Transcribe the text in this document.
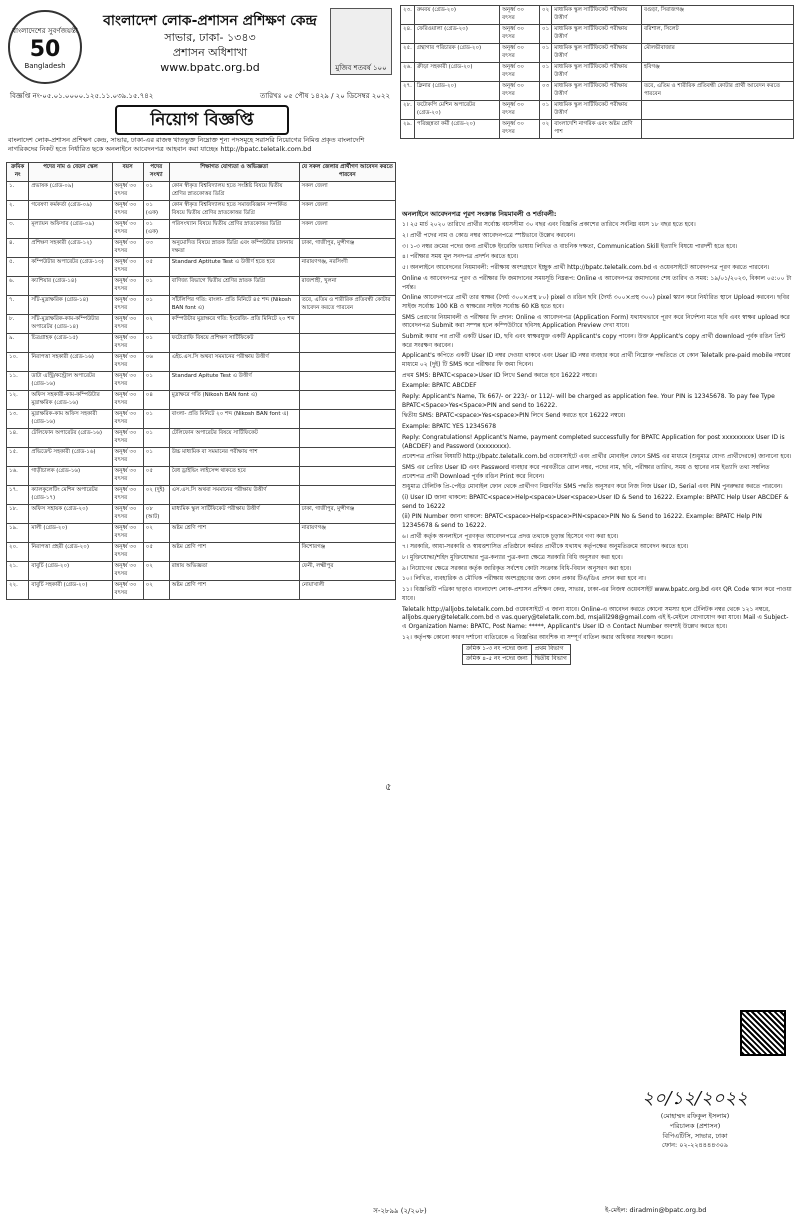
বাংলাদেশের সুবর্ণজয়ন্তী
50
Bangladesh
বাংলাদেশ লোক-প্রশাসন প্রশিক্ষণ কেন্দ্র
সাভার, ঢাকা- ১৩৪৩
প্রশাসন অধিশাখা
www.bpatc.org.bd	মুজিব শতবর্ষ ১০০
বিজ্ঞপ্তি নং-০৫.০১.০০০০.১২৫.১১.০৩৯.১৫.৭৪২	তারিখঃ ০৫ পৌষ ১৪২৯ / ২০ ডিসেম্বর ২০২২
নিয়োগ বিজ্ঞপ্তি
বাংলাদেশ লোক-প্রশাসন প্রশিক্ষণ কেন্দ্র, সাভার, ঢাকা-এর রাজস্ব খাতভুক্ত নিম্নোক্ত শূন্য পদসমূহে সরাসরি নিয়োগের নিমিত্ত প্রকৃত বাংলাদেশি নাগরিকদের নিকট হতে নির্ধারিত ছকে অনলাইনে আবেদনপত্র আহবান করা যাচ্ছেঃ http://bpatc.teletalk.com.bd
ক্রমিক নং	পদের নাম ও বেতন স্কেল	বয়স	পদের সংখ্যা	শিক্ষাগত যোগ্যতা ও অভিজ্ঞতা	যে সকল জেলার প্রার্থীগণ আবেদন করতে পারবেন
১.	প্রভাষক (গ্রেড-০৯)	অনূর্ধ্ব ৩০ বৎসর	০১	কোন স্বীকৃত বিশ্ববিদ্যালয় হতে সংশ্লিষ্ট বিষয়ে দ্বিতীয় শ্রেণির স্নাতকোত্তর ডিগ্রি	সকল জেলা
২.	গবেষণা কর্মকর্তা (গ্রেড-০৯)	অনূর্ধ্ব ৩০ বৎসর	০১ (এক)	কোন স্বীকৃত বিশ্ববিদ্যালয় হতে সমাজবিজ্ঞান সম্পর্কিত বিষয়ে দ্বিতীয় শ্রেণির স্নাতকোত্তর ডিগ্রি	সকল জেলা
৩.	মূল্যায়ন অফিসার (গ্রেড-০৯)	অনূর্ধ্ব ৩০ বৎসর	০১ (এক)	পরিসংখ্যান বিষয়ে দ্বিতীয় শ্রেণির স্নাতকোত্তর ডিগ্রি	সকল জেলা
৪.	প্রশিক্ষণ সহকারী (গ্রেড-১২)	অনূর্ধ্ব ৩০ বৎসর	০৩	অনুমোদিত বিষয়ে স্নাতক ডিগ্রি এবং কম্পিউটার চালনায় দক্ষতা	ঢাকা, গাজীপুর, মুন্সীগঞ্জ
৫.	কম্পিউটার অপারেটর (গ্রেড-১৩)	অনূর্ধ্ব ৩০ বৎসর	০৫	Standard Aptitute Test এ উত্তীর্ণ হতে হবে	নারায়ণগঞ্জ, নরসিংদী
৬.	ক্যাশিয়ার (গ্রেড-১৪)	অনূর্ধ্ব ৩০ বৎসর	০১	বাণিজ্য বিভাগে দ্বিতীয় শ্রেণির স্নাতক ডিগ্রি	রাজশাহী, খুলনা
৭.	সাঁট-মুদ্রাক্ষরিক (গ্রেড-১৪)	অনূর্ধ্ব ৩০ বৎসর	০১	সাঁটলিপির গতি: বাংলা- প্রতি মিনিটে ৪৫ শব্দ (Nikosh BAN font এ)	তবে, এতিম ও শারীরিক প্রতিবন্ধী কোটার আবেদন করতে পারবেন
৮.	সাঁট-মুদ্রাক্ষরিক-কাম-কম্পিউটার অপারেটর (গ্রেড-১৪)	অনূর্ধ্ব ৩০ বৎসর	০২	কম্পিউটার মুদ্রাক্ষরে গতি: ইংরেজি- প্রতি মিনিটে ২০ শব্দ	
৯.	চিত্রগ্রাহক (গ্রেড-১৫)	অনূর্ধ্ব ৩০ বৎসর	০১	ফটোগ্রাফি বিষয়ে প্রশিক্ষণ সার্টিফিকেট	
১০.	নিরাপত্তা সহকারী (গ্রেড-১৬)	অনূর্ধ্ব ৩০ বৎসর	০৬	এইচ.এস.সি অথবা সমমানের পরীক্ষায় উত্তীর্ণ	
১১.	ডাটা এন্ট্রি/কন্ট্রোল অপারেটর (গ্রেড-১৬)	অনূর্ধ্ব ৩০ বৎসর	০১	Standard Apitute Test এ উত্তীর্ণ	
১২.	অফিস সহকারী-কাম-কম্পিউটার মুদ্রাক্ষরিক (গ্রেড-১৬)	অনূর্ধ্ব ৩০ বৎসর	০৪	মুদ্রাক্ষরে গতি (Nikosh BAN font এ)	
১৩.	মুদ্রাক্ষরিক-কাম অফিস সহকারী (গ্রেড-১৬)	অনূর্ধ্ব ৩০ বৎসর	০১	বাংলা- প্রতি মিনিটে ২০ শব্দ (Nikosh BAN font এ)	
১৪.	টেলিফোন অপারেটর (গ্রেড-১৬)	অনূর্ধ্ব ৩০ বৎসর	০১	টেলিফোন অপারেটর বিষয়ে সার্টিফিকেট	
১৫.	প্রভিডেন্ট সহকারী (গ্রেড-১৬)	অনূর্ধ্ব ৩০ বৎসর	০১	উচ্চ মাধ্যমিক বা সমমানের পরীক্ষায় পাশ	
১৬.	গাড়ীচালক (গ্রেড-১৬)	অনূর্ধ্ব ৩০ বৎসর	০৫	বৈধ ড্রাইভিং লাইসেন্স থাকতে হবে	
১৭.	ক্যালকুলেটিং মেশিন অপারেটর (গ্রেড-১৭)	অনূর্ধ্ব ৩০ বৎসর	০২ (দুই)	এস.এস.সি অথবা সমমানের পরীক্ষায় উত্তীর্ণ	
১৮.	অফিস সহায়ক (গ্রেড-২০)	অনূর্ধ্ব ৩০ বৎসর	০৮ (আট)	মাধ্যমিক স্কুল সার্টিফিকেট পরীক্ষায় উত্তীর্ণ	ঢাকা, গাজীপুর, মুন্সীগঞ্জ
১৯.	মালী (গ্রেড-২০)	অনূর্ধ্ব ৩০ বৎসর	০২	অষ্টম শ্রেণি পাশ	নারায়ণগঞ্জ
২০.	নিরাপত্তা প্রহরী (গ্রেড-২০)	অনূর্ধ্ব ৩০ বৎসর	০৫	অষ্টম শ্রেণি পাশ	কিশোরগঞ্জ
২১.	বাবুর্চি (গ্রেড-২০)	অনূর্ধ্ব ৩০ বৎসর	০২	রান্নায় অভিজ্ঞতা	ফেনী, লক্ষ্মীপুর
২২.	বাবুর্চি সহকারী (গ্রেড-২০)	অনূর্ধ্ব ৩০ বৎসর	০২	অষ্টম শ্রেণি পাশ	নোয়াখালী
৫
২৩.	রুমবয় (গ্রেড-২০)	অনূর্ধ্ব ৩০ বৎসর	০২	মাধ্যমিক স্কুল সার্টিফিকেট পরীক্ষায় উত্তীর্ণ	বগুড়া, সিরাজগঞ্জ
২৪.	ফেরিওয়ালা (গ্রেড-২০)	অনূর্ধ্ব ৩০ বৎসর	০১	মাধ্যমিক স্কুল সার্টিফিকেট পরীক্ষায় উত্তীর্ণ	বরিশাল, সিলেট
২৫.	গ্রন্থাগার পরিচারক (গ্রেড-২০)	অনূর্ধ্ব ৩০ বৎসর	০১	মাধ্যমিক স্কুল সার্টিফিকেট পরীক্ষায় উত্তীর্ণ	মৌলভীবাজার
২৬.	ক্রীড়া সহকারী (গ্রেড-২০)	অনূর্ধ্ব ৩০ বৎসর	০১	মাধ্যমিক স্কুল সার্টিফিকেট পরীক্ষায় উত্তীর্ণ	হবিগঞ্জ
২৭.	ক্লিনার (গ্রেড-২০)	অনূর্ধ্ব ৩০ বৎসর	০৩	মাধ্যমিক স্কুল সার্টিফিকেট পরীক্ষায় উত্তীর্ণ	তবে, এতিম ও শারীরিক প্রতিবন্ধী কোটার প্রার্থী আবেদন করতে পারবেন
২৮.	ফটোকপি মেশিন অপারেটর (গ্রেড-২০)	অনূর্ধ্ব ৩০ বৎসর	০১	মাধ্যমিক স্কুল সার্টিফিকেট পরীক্ষায় উত্তীর্ণ	
২৯.	পরিচ্ছন্নতা কর্মী (গ্রেড-২০)	অনূর্ধ্ব ৩০ বৎসর	০২	বাংলাদেশি নাগরিক এবং অষ্টম শ্রেণি পাশ	

অনলাইনে আবেদনপত্র পূরণ সংক্রান্ত নিয়মাবলী ও শর্তাবলী:

১। ২৫ মার্চ ২০২০ তারিখে প্রার্থীর সর্বোচ্চ বয়সসীমা ৩০ বছর এবং বিজ্ঞপ্তি প্রকাশের তারিখে সর্বনিম্ন বয়স ১৮ বছর হতে হবে।

২। প্রার্থী পদের নাম ও কোড নম্বর আবেদনপত্রে স্পষ্টভাবে উল্লেখ করবেন।

৩। ১-৩ নম্বর ক্রমের পদের জন্য প্রার্থীকে ইংরেজি ভাষায় লিখিত ও বাচনিক দক্ষতা, Communication Skill ইত্যাদি বিষয়ে পারদর্শী হতে হবে।

৪। পরীক্ষার সময় মূল সনদপত্র প্রদর্শন করতে হবে।

৫। অনলাইনে আবেদনের নিয়মাবলী: পরীক্ষায় অংশগ্রহণে ইচ্ছুক প্রার্থী http://bpatc.teletalk.com.bd এ ওয়েবসাইটে আবেদনপত্র পূরণ করতে পারবেন।

Online এ আবেদনপত্র পূরণ ও পরীক্ষার ফি জমাদানের সময়সূচি নিম্নরূপ: Online এ আবেদনপত্র জমাদানের শেষ তারিখ ও সময়: ১৯/০১/২০২৩, বিকাল ০৫:০০ টা পর্যন্ত।

Online আবেদনপত্রে প্রার্থী তার স্বাক্ষর (দৈর্ঘ্য ৩০০×প্রস্থ ৮০) pixel ও রঙিন ছবি (দৈর্ঘ্য ৩০০×প্রস্থ ৩০০) pixel স্ক্যান করে নির্ধারিত স্থানে Upload করবেন। ছবির সাইজ সর্বোচ্চ 100 KB ও স্বাক্ষরের সাইজ সর্বোচ্চ 60 KB হতে হবে।

SMS প্রেরণের নিয়মাবলী ও পরীক্ষার ফি প্রদান: Online এ আবেদনপত্র (Application Form) যথাযথভাবে পূরণ করে নির্দেশনা মতে ছবি এবং স্বাক্ষর upload করে আবেদনপত্র Submit করা সম্পন্ন হলে কম্পিউটারে ছবিসহ Application Preview দেখা যাবে।

Submit করার পর প্রার্থী একটি User ID, ছবি এবং স্বাক্ষরযুক্ত একটি Applicant's copy পাবেন। উক্ত Applicant's copy প্রার্থী download পূর্বক রঙিন প্রিন্ট করে সংরক্ষণ করবেন।

Applicant's কপিতে একটি User ID নম্বর দেওয়া থাকবে এবং User ID নম্বর ব্যবহার করে প্রার্থী নিম্নোক্ত পদ্ধতিতে যে কোন Teletalk pre-paid mobile নম্বরের মাধ্যমে ০২ (দুই) টি SMS করে পরীক্ষার ফি জমা দিবেন।

প্রথম SMS: BPATC<space>User ID লিখে Send করতে হবে 16222 নম্বরে।

Example: BPATC ABCDEF

Reply: Applicant's Name, Tk 667/- or 223/- or 112/- will be charged as application fee. Your PIN is 12345678. To pay fee Type BPATC<Space>Yes<Space>PIN and send to 16222.

দ্বিতীয় SMS: BPATC<space>Yes<space>PIN লিখে Send করতে হবে 16222 নম্বরে।

Example: BPATC YES 12345678

Reply: Congratulations! Applicant's Name, payment completed successfully for BPATC Application for post xxxxxxxxx User ID is (ABCDEF) and Password (xxxxxxxx).

প্রবেশপত্র প্রাপ্তির বিষয়টি http://bpatc.teletalk.com.bd ওয়েবসাইটে এবং প্রার্থীর মোবাইল ফোনে SMS এর মাধ্যমে (শুধুমাত্র যোগ্য প্রার্থীদেরকে) জানানো হবে।

SMS এর প্রেরিত User ID এবং Password ব্যবহার করে পরবর্তীতে রোল নম্বর, পদের নাম, ছবি, পরীক্ষার তারিখ, সময় ও স্থানের নাম ইত্যাদি তথ্য সম্বলিত প্রবেশপত্র প্রার্থী Download পূর্বক রঙিন Print করে নিবেন।

শুধুমাত্র টেলিটক প্রি-পেইড মোবাইল ফোন থেকে প্রার্থীগণ নিম্নবর্ণিত SMS পদ্ধতি অনুসরণ করে নিজ নিজ User ID, Serial এবং PIN পুনরুদ্ধার করতে পারবেন।

(i) User ID জানা থাকলে: BPATC<space>Help<space>User<space>User ID & Send to 16222. Example: BPATC Help User ABCDEF & send to 16222

(ii) PIN Number জানা থাকলে: BPATC<space>Help<space>PIN<space>PIN No & Send to 16222. Example: BPATC Help PIN 12345678 & send to 16222.

৬। প্রার্থী কর্তৃক অনলাইনে পূরণকৃত আবেদনপত্রে প্রদত্ত তথ্যকে চূড়ান্ত হিসেবে গণ্য করা হবে।

৭। সরকারি, আধা-সরকারি ও স্বায়ত্তশাসিত প্রতিষ্ঠানে কর্মরত প্রার্থীকে যথাযথ কর্তৃপক্ষের অনুমতিক্রমে আবেদন করতে হবে।

৮। মুক্তিযোদ্ধা/শহিদ মুক্তিযোদ্ধার পুত্র-কন্যার পুত্র-কন্যা ক্ষেত্রে সরকারি বিধি অনুসরণ করা হবে।

৯। নিয়োগের ক্ষেত্রে সরকার কর্তৃক জারিকৃত সর্বশেষ কোটা সংক্রান্ত বিধি-বিধান অনুসরণ করা হবে।

১০। লিখিত, ব্যবহারিক ও মৌখিক পরীক্ষায় অংশগ্রহণের জন্য কোন প্রকার টিএ/ডিএ প্রদান করা হবে না।

১১। বিজ্ঞপ্তিটি পত্রিকা ছাড়াও বাংলাদেশ লোক-প্রশাসন প্রশিক্ষণ কেন্দ্র, সাভার, ঢাকা-এর নিজস্ব ওয়েবসাইট www.bpatc.org.bd এবং QR Code স্ক্যান করে পাওয়া যাবে।

Teletalk http://alljobs.teletalk.com.bd ওয়েবসাইটে এ জানা যাবে। Online-এ আবেদন করতে কোনো সমস্যা হলে টেলিটক নম্বর থেকে ১২১ নম্বরে, alljobs.query@teletalk.com.bd ও vas.query@teletalk.com.bd, msjalil298@gmail.com এই ই-মেইলে যোগাযোগ করা যাবে। Mail এ Subject-এ Organization Name: BPATC, Post Name: *****, Applicant's User ID ও Contact Number অবশ্যই উল্লেখ করতে হবে।

১২। কর্তৃপক্ষ কোনো কারণ দর্শানো ব্যতিরেকে এ বিজ্ঞপ্তির আংশিক বা সম্পূর্ণ বাতিল করার অধিকার সংরক্ষণ করেন।

ক্রমিক ১-৩ নং পদের জন্য	প্রথম বিভাগ
ক্রমিক ৪-৫ নং পদের জন্য	দ্বিতীয় বিভাগ
২০/১২/২০২২
(মোহাম্মদ রফিকুল ইসলাম)
পরিচালক (প্রশাসন)
বিপিএটিসি, সাভার, ঢাকা
ফোন: ০২-২২৪৪৪৪৩০৯
স-২৮৯৯ (২/২০৮)	ই-মেইল: diradmin@bpatc.org.bd
